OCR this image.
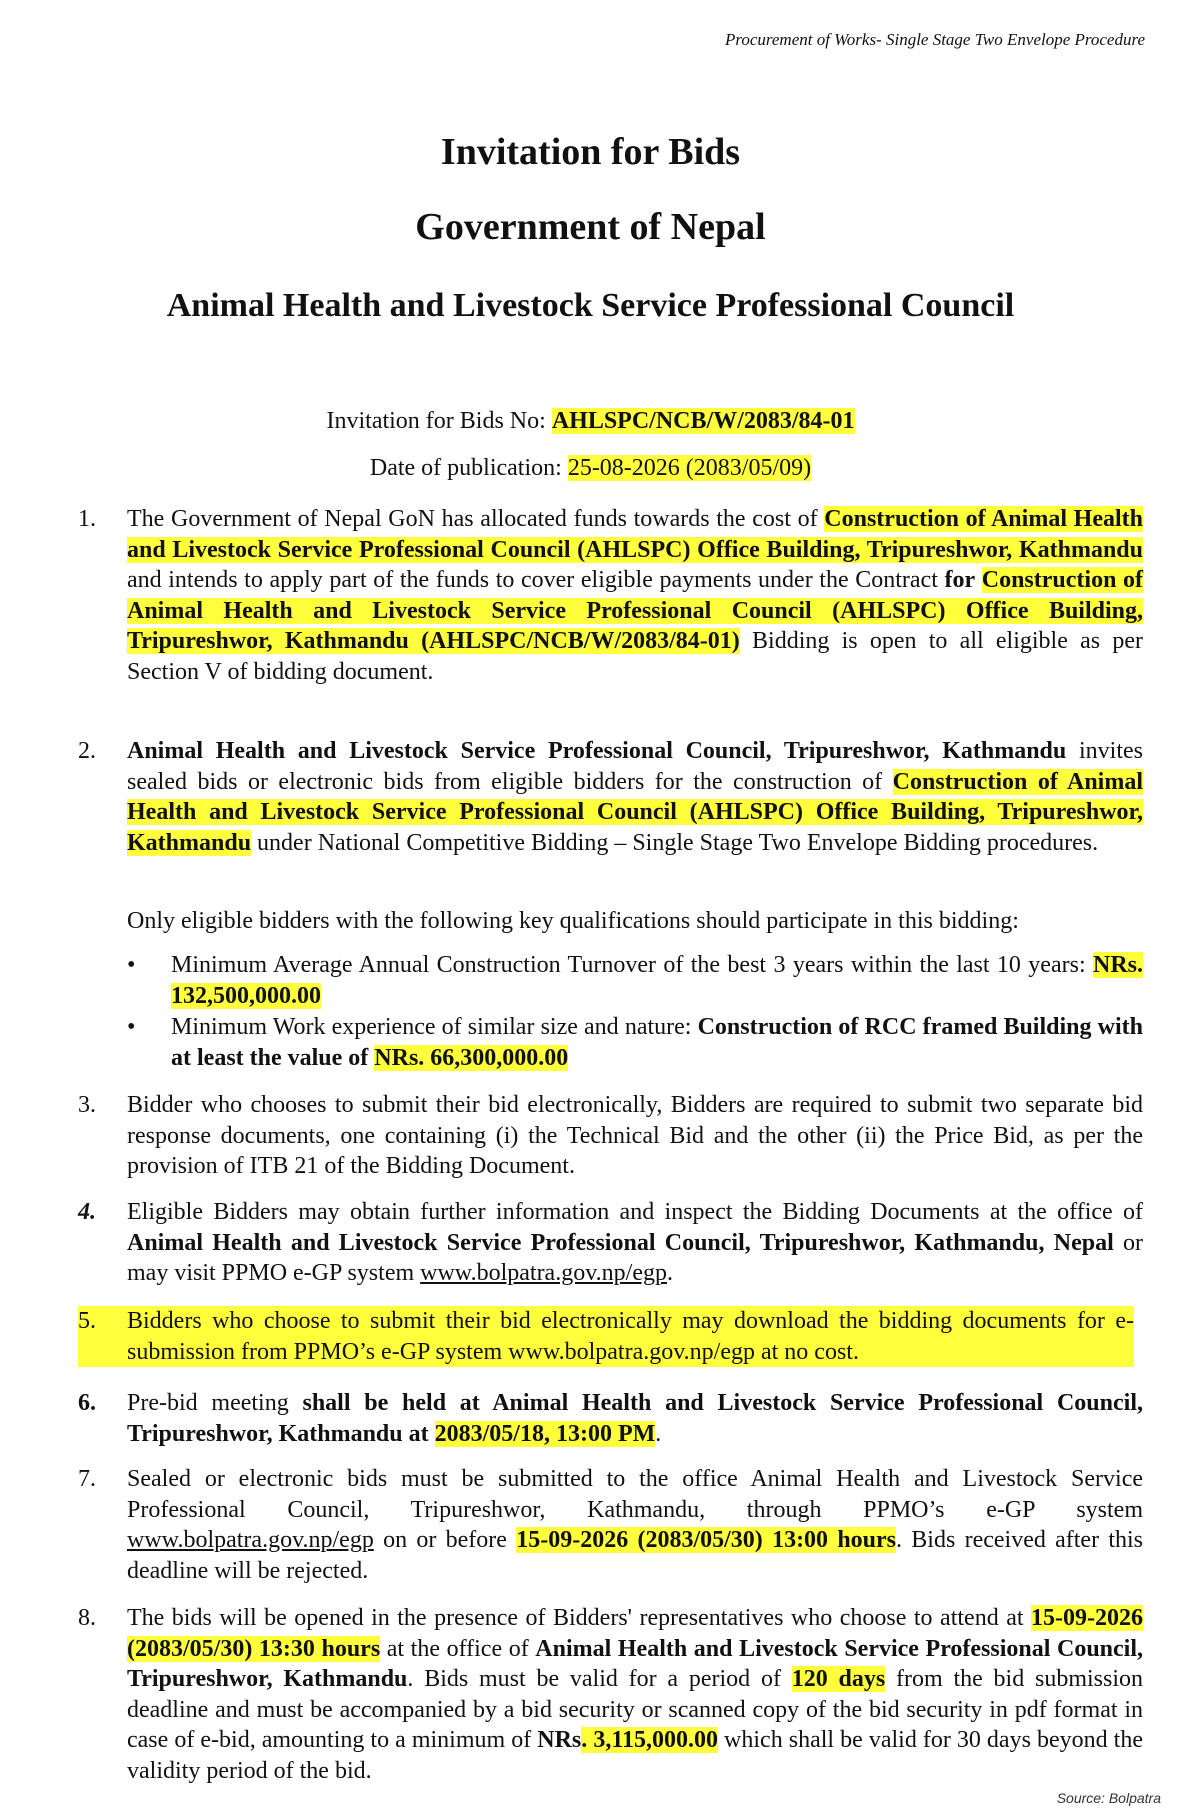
Procurement of Works- Single Stage Two Envelope Procedure
Invitation for Bids
Government of Nepal
Animal Health and Livestock Service Professional Council
Invitation for Bids No: AHLSPC/NCB/W/2083/84-01
Date of publication: 25-08-2026 (2083/05/09)
1.	The Government of Nepal GoN has allocated funds towards the cost of Construction of Animal Health and Livestock Service Professional Council (AHLSPC) Office Building, Tripureshwor, Kathmandu and intends to apply part of the funds to cover eligible payments under the Contract for Construction of Animal Health and Livestock Service Professional Council (AHLSPC) Office Building, Tripureshwor, Kathmandu (AHLSPC/NCB/W/2083/84-01) Bidding is open to all eligible as per Section V of bidding document.
2.	Animal Health and Livestock Service Professional Council, Tripureshwor, Kathmandu invites sealed bids or electronic bids from eligible bidders for the construction of Construction of Animal Health and Livestock Service Professional Council (AHLSPC) Office Building, Tripureshwor, Kathmandu under National Competitive Bidding – Single Stage Two Envelope Bidding procedures.
Only eligible bidders with the following key qualifications should participate in this bidding:
• Minimum Average Annual Construction Turnover of the best 3 years within the last 10 years: NRs. 132,500,000.00
• Minimum Work experience of similar size and nature: Construction of RCC framed Building with at least the value of NRs. 66,300,000.00
3.	Bidder who chooses to submit their bid electronically, Bidders are required to submit two separate bid response documents, one containing (i) the Technical Bid and the other (ii) the Price Bid, as per the provision of ITB 21 of the Bidding Document.
4.	Eligible Bidders may obtain further information and inspect the Bidding Documents at the office of Animal Health and Livestock Service Professional Council, Tripureshwor, Kathmandu, Nepal or may visit PPMO e-GP system www.bolpatra.gov.np/egp.
5.	Bidders who choose to submit their bid electronically may download the bidding documents for e-submission from PPMO’s e-GP system www.bolpatra.gov.np/egp at no cost.
6.	Pre-bid meeting shall be held at Animal Health and Livestock Service Professional Council, Tripureshwor, Kathmandu at 2083/05/18, 13:00 PM.
7.	Sealed or electronic bids must be submitted to the office Animal Health and Livestock Service Professional Council, Tripureshwor, Kathmandu, through PPMO’s e-GP system www.bolpatra.gov.np/egp on or before 15-09-2026 (2083/05/30) 13:00 hours. Bids received after this deadline will be rejected.
8.	The bids will be opened in the presence of Bidders' representatives who choose to attend at 15-09-2026 (2083/05/30) 13:30 hours at the office of Animal Health and Livestock Service Professional Council, Tripureshwor, Kathmandu. Bids must be valid for a period of 120 days from the bid submission deadline and must be accompanied by a bid security or scanned copy of the bid security in pdf format in case of e-bid, amounting to a minimum of NRs. 3,115,000.00 which shall be valid for 30 days beyond the validity period of the bid.
Source: Bolpatra
